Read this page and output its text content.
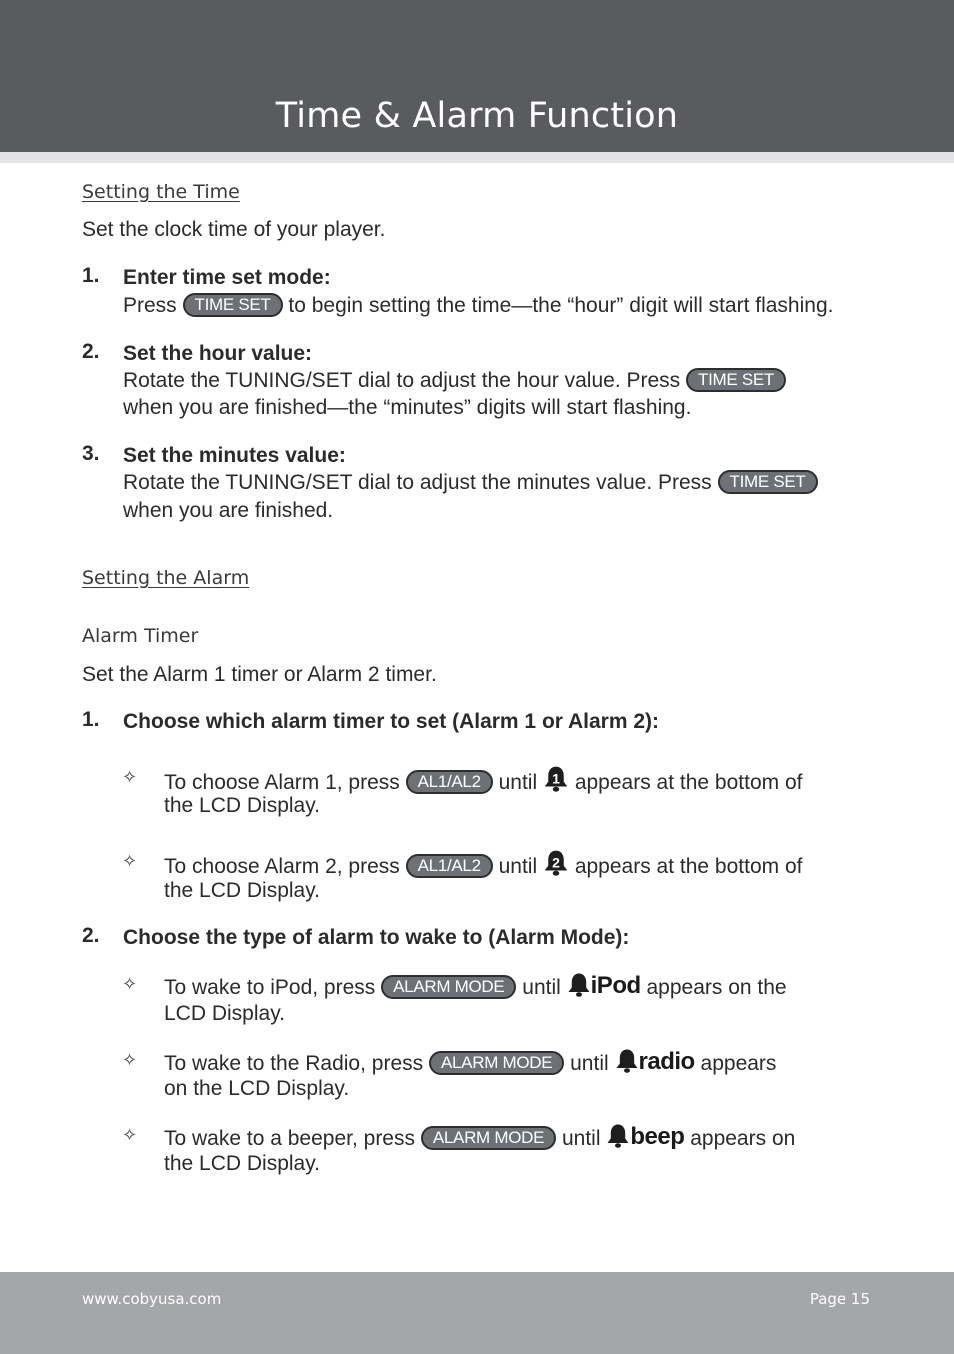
Time & Alarm Function
Setting the Time
Set the clock time of your player.
1. Enter time set mode:
Press TIME SET to begin setting the time—the “hour” digit will start flashing.
2. Set the hour value:
Rotate the TUNING/SET dial to adjust the hour value. Press TIME SET
when you are finished—the “minutes” digits will start flashing.
3. Set the minutes value:
Rotate the TUNING/SET dial to adjust the minutes value. Press TIME SET
when you are finished.
Setting the Alarm
Alarm Timer
Set the Alarm 1 timer or Alarm 2 timer.
1. Choose which alarm timer to set (Alarm 1 or Alarm 2):
✧ To choose Alarm 1, press AL1/AL2 until 1 appears at the bottom of
the LCD Display.
✧ To choose Alarm 2, press AL1/AL2 until 2 appears at the bottom of
the LCD Display.
2. Choose the type of alarm to wake to (Alarm Mode):
✧ To wake to iPod, press ALARM MODE until iPod appears on the
LCD Display.
✧ To wake to the Radio, press ALARM MODE until radio appears
on the LCD Display.
✧ To wake to a beeper, press ALARM MODE until beep appears on
the LCD Display.
www.cobyusa.com	Page 15
